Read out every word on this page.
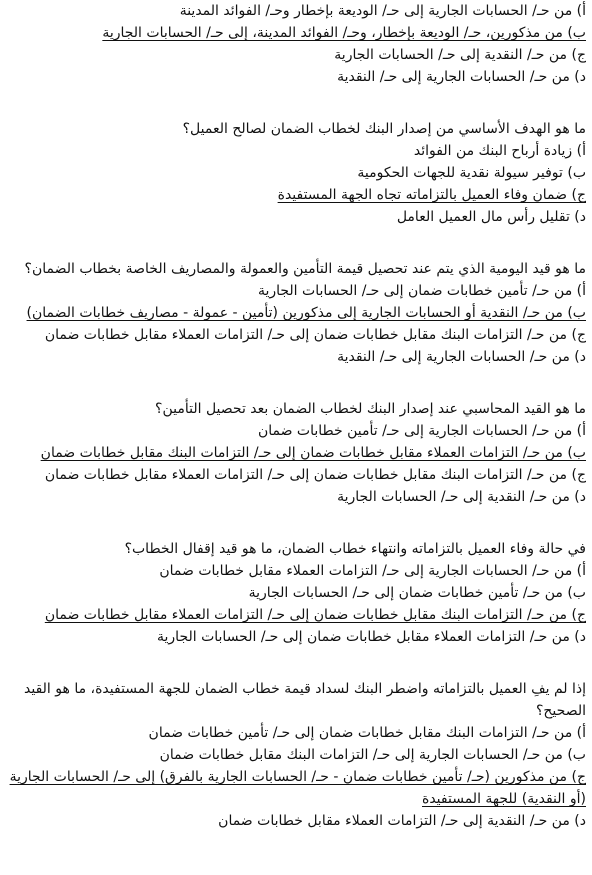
أ) من حـ/ الحسابات الجارية إلى حـ/ الوديعة بإخطار وحـ/ الفوائد المدينة
ب) من مذكورين، حـ/ الوديعة بإخطار، وحـ/ الفوائد المدينة، إلى حـ/ الحسابات الجارية
ج) من حـ/ النقدية إلى حـ/ الحسابات الجارية
د) من حـ/ الحسابات الجارية إلى حـ/ النقدية
ما هو الهدف الأساسي من إصدار البنك لخطاب الضمان لصالح العميل؟
أ) زيادة أرباح البنك من الفوائد
ب) توفير سيولة نقدية للجهات الحكومية
ج) ضمان وفاء العميل بالتزاماته تجاه الجهة المستفيدة
د) تقليل رأس مال العميل العامل
ما هو قيد اليومية الذي يتم عند تحصيل قيمة التأمين والعمولة والمصاريف الخاصة بخطاب الضمان؟
أ) من حـ/ تأمين خطابات ضمان إلى حـ/ الحسابات الجارية
ب) من حـ/ النقدية أو الحسابات الجارية إلى مذكورين (تأمين - عمولة - مصاريف خطابات الضمان)
ج) من حـ/ التزامات البنك مقابل خطابات ضمان إلى حـ/ التزامات العملاء مقابل خطابات ضمان
د) من حـ/ الحسابات الجارية إلى حـ/ النقدية
ما هو القيد المحاسبي عند إصدار البنك لخطاب الضمان بعد تحصيل التأمين؟
أ) من حـ/ الحسابات الجارية إلى حـ/ تأمين خطابات ضمان
ب) من حـ/ التزامات العملاء مقابل خطابات ضمان إلى حـ/ التزامات البنك مقابل خطابات ضمان
ج) من حـ/ التزامات البنك مقابل خطابات ضمان إلى حـ/ التزامات العملاء مقابل خطابات ضمان
د) من حـ/ النقدية إلى حـ/ الحسابات الجارية
في حالة وفاء العميل بالتزاماته وانتهاء خطاب الضمان، ما هو قيد إقفال الخطاب؟
أ) من حـ/ الحسابات الجارية إلى حـ/ التزامات العملاء مقابل خطابات ضمان
ب) من حـ/ تأمين خطابات ضمان إلى حـ/ الحسابات الجارية
ج) من حـ/ التزامات البنك مقابل خطابات ضمان إلى حـ/ التزامات العملاء مقابل خطابات ضمان
د) من حـ/ التزامات العملاء مقابل خطابات ضمان إلى حـ/ الحسابات الجارية
إذا لم يفِ العميل بالتزاماته واضطر البنك لسداد قيمة خطاب الضمان للجهة المستفيدة، ما هو القيد الصحيح؟
أ) من حـ/ التزامات البنك مقابل خطابات ضمان إلى حـ/ تأمين خطابات ضمان
ب) من حـ/ الحسابات الجارية إلى حـ/ التزامات البنك مقابل خطابات ضمان
ج) من مذكورين (حـ/ تأمين خطابات ضمان - حـ/ الحسابات الجارية بالفرق) إلى حـ/ الحسابات الجارية
(أو النقدية) للجهة المستفيدة
د) من حـ/ النقدية إلى حـ/ التزامات العملاء مقابل خطابات ضمان
